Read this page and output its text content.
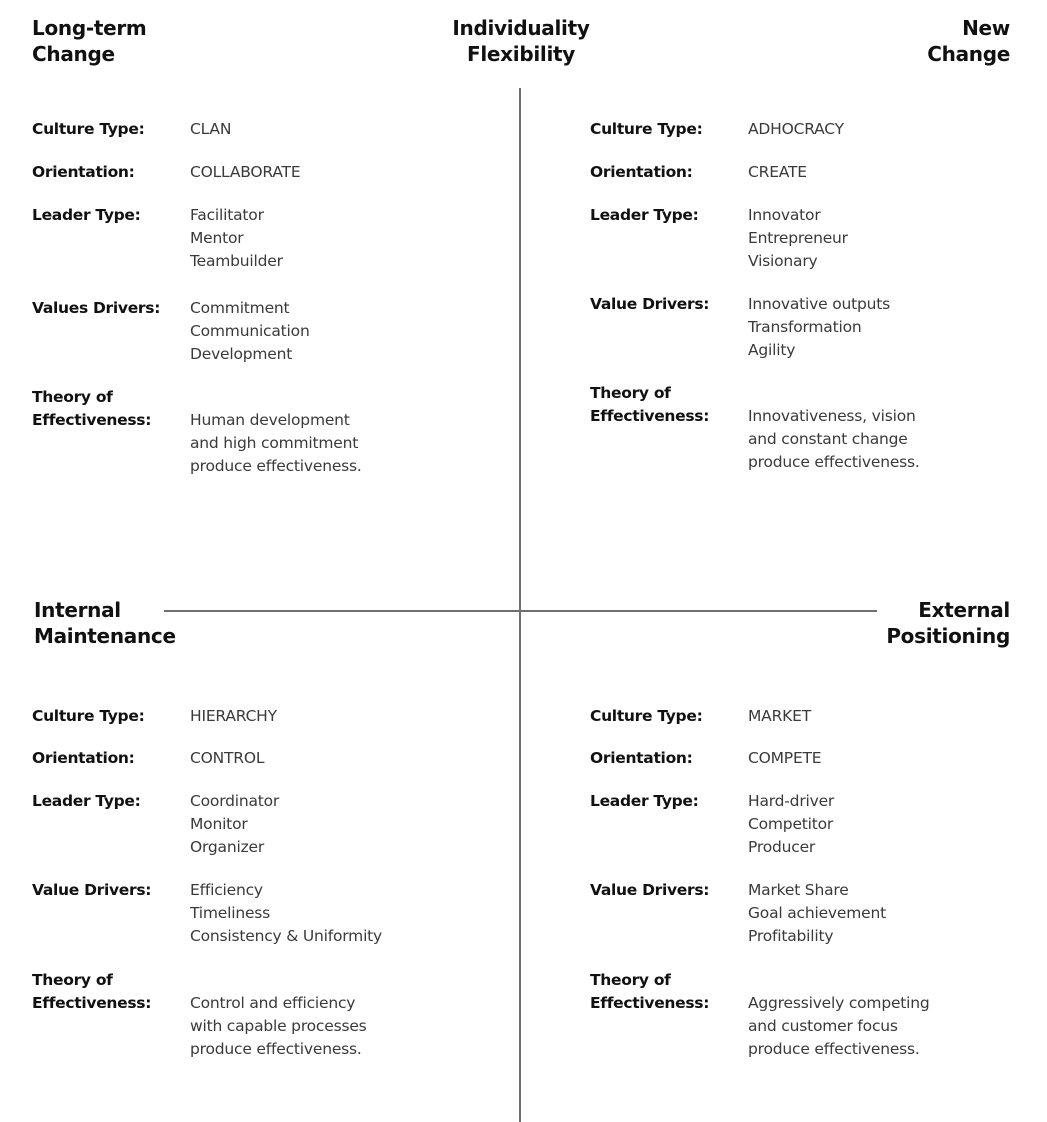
Long-term
Change
Individuality
Flexibility
New
Change
Internal
Maintenance
External
Positioning
Culture Type:	CLAN
Orientation:	COLLABORATE
Leader Type:	Facilitator
Mentor
Teambuilder
Values Drivers:	Commitment
Communication
Development
Theory of
Effectiveness:	Human development
and high commitment
produce effectiveness.
Culture Type:	ADHOCRACY
Orientation:	CREATE
Leader Type:	Innovator
Entrepreneur
Visionary
Value Drivers:	Innovative outputs
Transformation
Agility
Theory of
Effectiveness:	Innovativeness, vision
and constant change
produce effectiveness.
Culture Type:	HIERARCHY
Orientation:	CONTROL
Leader Type:	Coordinator
Monitor
Organizer
Value Drivers:	Efficiency
Timeliness
Consistency & Uniformity
Theory of
Effectiveness:	Control and efficiency
with capable processes
produce effectiveness.
Culture Type:	MARKET
Orientation:	COMPETE
Leader Type:	Hard-driver
Competitor
Producer
Value Drivers:	Market Share
Goal achievement
Profitability
Theory of
Effectiveness:	Aggressively competing
and customer focus
produce effectiveness.
